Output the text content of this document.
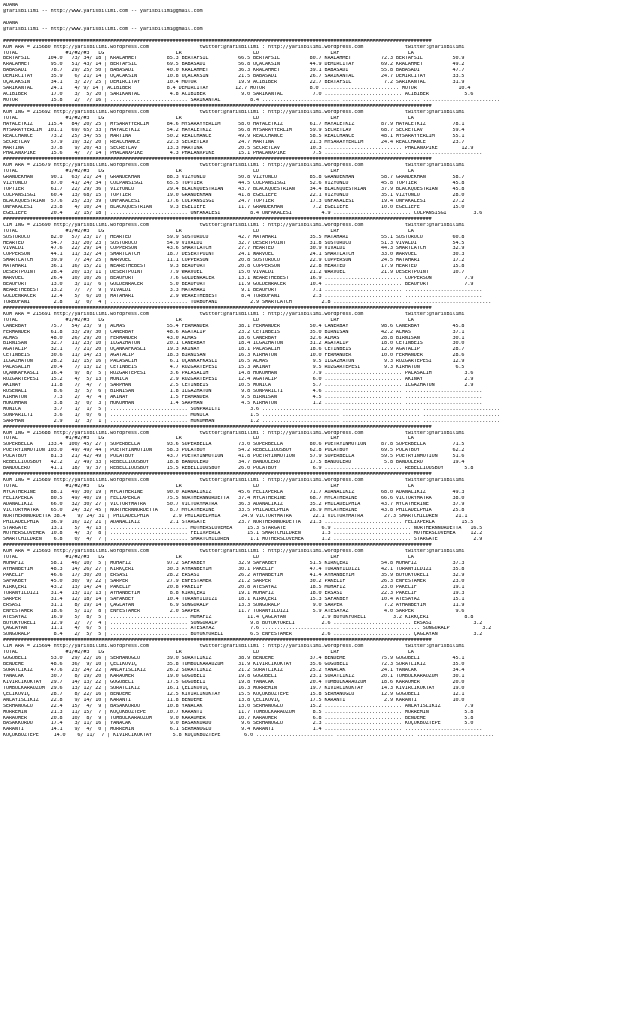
ADANA
@YarisBilimi -- http://www.yarisbilimi.com -- yarisbilimi@gmail.com

ADANA
@YarisBilimi -- http://www.yarisbilimi.com -- yarisbilimi@gmail.com

################################################################################################################################################
KUM ARA = 215680 http://yarisbilimi.wordpress.com                 twitter:@YarisBilimi : http://yarisbilimi.wordpress.com              twitter:@YarisBilimi
TOTAL                #1/#2/#3   LG                        LR                        LD                        LRF                       LA
BERTAFSIL      104.0   73/ 34/ 18 | KRALAHMET          85.3 BERTAFSIL          66.5 BERTAFSIL          80.7 KRALAHMET          72.3 BERTAFSIL          50.9
KRALAHMET       95.0   51/ 43/ 14 | BERTAFSIL          69.5 BABASADI           56.8 UÇACAKSIN          44.9 DEMIRCITAY         69.2 KRALAHMET          49.2
BABASADI        78.7   29/ 25/ 50 | BABASADI           40.0 KRALAHMET          36.3 KRALAHMET          39.1 BABASADI           55.8 BABASADI           47.7
DEMIRCITAY      35.9    6/ 21/ 14 | UÇACAKSIN          10.8 UÇACAKSIN          21.5 BABASADI           26.7 SARIKANTAL         24.7 DEMIRCITAY         33.5
UÇACAKSIN       34.1    3/ 27/ 25 | DEMIRCITAY         10.4 MOTOR              19.9 ACIBIBER           22.7 BERTAFSIL           7.2 SARIKANTAL         31.9
SARIKANTAL      24.1    4/ 9/ 14 | ACIBIBER            8.4 DEMIRCITAY         12.7 MOTOR               8.0 .......................... MOTOR              10.4
ACIBIBER        17.0    3/  5/ 20 | SARIKANTAL          4.8 ACIBIBER            9.0 SARIKANTAL          7.0 .......................... ACIBIBER            5.6
MOTOR           15.8    2/  7/ 16 | .......................... SARIKANTAL          8.4 .......................... .......................... ..........................
################################################################################################################################################
KUM ING = 215692 http://yarisbilimi.wordpress.com                 twitter:@YarisBilimi : http://yarisbilimi.wordpress.com              twitter:@YarisBilimi
TOTAL                #1/#2/#3   LG                        LR                        LD                        LRF                       LA
HAYALETKIZ     115.4   84/ 20/ 25 | MYSARAYYERLIM      84.6 MYSARAYYERLIM      58.0 HAYALETKIZ         61.7 HAYALETKIZ         87.9 HAYALETKIZ         78.1
MYSARAYYERLIM  101.1   69/ 65/ 33 | HAYALETKIZ         54.2 HAYALETKIZ         56.8 MYSARAYYERLIM      59.9 SECRETLAV          68.7 SECRETLAV          59.4
REALCHANCE      73.2   25/ 34/ 55 | MARTINA            50.2 REALCHANCE         49.9 REALCHANCE         58.5 REALCHANCE         48.1 MYSARAYYERLIM      55.1
SECRETLAV       57.9   19/ 32/ 20 | REALCHANCE         22.3 SECRETLAV          24.7 MARTINA            21.3 MYSARAYYERLIM      24.4 REALCHANCE         23.7
MARTINA         37.8    9/ 20/ 43 | SECRETLAV          13.3 MARTINA            20.5 SECRETLAV          10.3 .......................... PHALANXPIKE        12.9
PHALANXPIKE     15.6    4/  7/ 14 | PHALANXPIKE         4.3 PHALANXPIKE        15.1 PHALANXPIKE         7.5 .......................... ..........................
################################################################################################################################################
KUM ARA = 215679 http://yarisbilimi.wordpress.com                 twitter:@YarisBilimi : http://yarisbilimi.wordpress.com              twitter:@YarisBilimi
TOTAL                #1/#2/#3   LG                        LR                        LD                        LRF                       LA
GRANDEKHAN      90.1   63/ 21/ 24 | GRANDEKHAN         88.3 VIZYONLU           50.8 VIZYONLU           85.8 GRANDEKHAN         58.7 GRANDEKHAN         58.7
VIZYONLU        87.0   41/ 24/ 34 | COLPANSISGI        65.5 TOPTIER            44.5 COLPANSISGI        52.6 VIZYONLU           45.8 TOPTIER            45.8
TOPTIER         61.7   22/ 29/ 36 | VIZYONLU           29.4 BLACKQUESTRIAN     43.7 BLACKQUESTRIAN     34.4 BLACKQUESTRIAN     37.9 BLACKQUESTRIAN     45.8
COLPANSISGI     60.4   13/ 68/ 15 | TOPTIER            19.0 GRANDEKHAN         41.8 EGELIEFE           22.1 VIZYONLU           35.1 VIZYONLU           28.0
BLACKQUESTRIAN  57.6   25/ 23/ 39 | UNFAKALESI         17.6 COLPANSISGI        24.7 TOPTIER            17.3 UNFAKALESI         19.4 UNFAKALESI         27.2
UNFAKALESI      23.8    4/ 10/ 24 | BLACKQUESTRIAN      9.3 EGELIEFE           11.7 GRANDEKHAN          7.2 EGELIEFE           10.0 EGELIEFE           15.0
EGELIEFE        20.4    2/ 15/ 18 | .......................... UNFAKALESI          8.4 UNFAKALESI          4.9 .......................... COLPANSISGI         3.6
################################################################################################################################################
CIM ING = 215690 http://yarisbilimi.wordpress.com                 twitter:@YarisBilimi : http://yarisbilimi.wordpress.com              twitter:@YarisBilimi
TOTAL                #1/#2/#3   LG                        LR                        LD                        LRF                       LA
SUSTURUCU       82.0   57/ 23/ 17 | HEARTED            59.9 SUSTURUCU          42.7 MATAHARI           35.5 MATAHARI           55.1 SUSTURUCU          60.8
HEARTED         54.7   31/ 20/ 23 | SUSTURUCU          54.9 VIVALDI            32.7 DESERTPOINT        31.8 SUSTURUCU          51.3 VIVALDI            54.5
VIVALDI         47.6   22/ 29/ 14 | COPPERSON          43.6 SMARTLATCH         27.7 HEARTED            30.9 VIVALDI            44.3 SMARTLATCH         32.9
COPPERSON       44.1   11/ 32/ 24 | SMARTLATCH         18.7 DESERTPOINT        24.1 WARVOEL            24.1 SMARTLATCH         33.0 WARVOEL            30.3
SMARTLATCH      39.9    7/ 24/ 25 | WARVOEL            11.1 COPPERSON          20.8 SUSTURUCU          22.9 COPPERSON          24.5 MATAHARI           17.2
MATAHARI        36.1   16/ 15/ 21 | WEARETHEBEST        9.3 BEAUFORT           20.8 COPPERSON          22.8 HEARTED            17.9 HEARTED            15.8
DESERTPOINT     28.4   20/ 13/ 11 | DESERTPOINT         7.9 WARVOEL            15.0 VIVALDI            21.2 WARVOEL            21.9 DESERTPOINT        10.7
WARVOEL         26.4   10/ 10/ 26 | BEAUFORT            7.6 GOLDENRACER        13.1 WEARETHEBEST       16.9 .......................... COPPERSON           7.9
BEAUFORT        13.0    3/ 11/  6 | GOLDENRACER         5.0 BEAUFORT           11.9 GOLDENRACER        10.4 .......................... BEAUFORT            7.9
WEARETHEBEST    13.2    7/  7/  9 | VIVALDI             3.3 MATAHARI            9.1 BEAUFORT            7.1 .......................... ..........................
GOLDENRACER     12.4    5/  6/ 10 | MATAHARI            2.9 WEARETHEBEST        8.4 TURBOFANI           2.3 .......................... ..........................
TURBOFANI        2.8    1/  0/  4 | .......................... TURBOFANI           2.9 SMARTLATCH          2.8 .......................... ..........................
################################################################################################################################################
KUM ARA = 215691 http://yarisbilimi.wordpress.com                 twitter:@YarisBilimi : http://yarisbilimi.wordpress.com              twitter:@YarisBilimi
TOTAL                #1/#2/#3   LG                        LR                        LD                        LRF                       LA
CANERBAY        75.7   54/ 23/  9 | ALMAS              55.4 FERMANDER          38.1 FERMANDER          50.4 CANERBAY           98.6 CANERBAY           45.8
FERMANDER       61.8   33/ 29/ 30 | CANERBAY           48.6 AGATALIP           23.2 CETINBEIS          35.0 BIRNISAN           42.2 ALMAS              37.1
ALMAS           48.0   26/ 29/ 20 | FERMANDER          43.0 ALMAS              18.6 CANERBAY           32.6 ALMAS              28.8 BIRNISAN           30.1
BIRNISAN        32.7   11/ 23/ 10 | ILGAZHATUN         20.1 CANERBAY           18.4 ILGAZHATUN         31.2 AGATALIP           18.0 CETINBEIS          30.0
AGATALIP        32.1    7/ 21/ 20 | UÇANKAFKASLI       19.3 AKINAY             18.1 PALASALIH          18.6 CETINBEIS          12.9 AGATALIP           28.7
CETINBEIS       30.6   11/ 14/ 23 | AGATALIP           18.3 BIRNISAN           16.3 KIRHATUN           10.0 FERMANDER          10.0 FERMANDER          28.6
ILGAZHATUN      28.2   12/ 15/ 16 | PALASALIH           6.1 UÇANKAFKASLI       16.5 ALMAS               9.5 ILGAZHATUN          9.3 RUZGARTEPESI       12.9
PALASALIH       20.4    7/ 13/ 12 | CETINBEIS           4.7 RUZGARTEPESI       15.3 AKINAY              9.5 RUZGARTEPESI        9.3 KIRHATUN            6.5
UÇANKAFKASLI    16.4    9/  8/  5 | RUZGARTEPESI        3.6 PALASALIH          14.8 HÜKÜMHAN            7.9 .......................... PALASALIH           3.6
RUZGARTEPESI    15.2    4/  5/ 13 | MONICA              2.9 RUZGARTEPESI       12.4 AGATALIP            6.0 .......................... AKINAY              2.9
AKINAY          11.8    7/  4/  7 | SARPHAN             2.5 CETINBEIS          10.5 MONICA              5.7 .......................... ILGAZHATUN          2.9
RUSENALI         8.6    3/  5/  6 | BIRNISAN            1.8 ILGAZHATUN          9.8 SONPARILTI          4.6 .......................... ..........................
KIRHATUN         7.3    2/  4/  4 | AKINAY              1.5 FERMANDER           9.5 BIRNISAN            4.5 .......................... ..........................
HÜKÜMHAN         3.8    3/  0/  3 | HÜKÜMHAN            1.4 SARPHAN             4.5 KIRHATUN            1.2 .......................... ..........................
MONICA           3.7    1/  1/  5 | .......................... SONPARILTI          3.6 .......................... .......................... ..........................
SONPARILTI       3.6    1/  0/  6 | .......................... MONICA              1.5 .......................... .......................... ..........................
SARPHAN          2.9    1/  3/  1 | .......................... HÜKÜMHAN            1.2 .......................... .......................... ..........................
################################################################################################################################################
KUM ING = 215688 http://yarisbilimi.wordpress.com                 twitter:@YarisBilimi : http://yarisbilimi.wordpress.com              twitter:@YarisBilimi
TOTAL                #1/#2/#3   LG                        LR                        LD                        LRF                       LA
SUPERBELLA     133.4  100/ 45/ 27 | SUPERBELLA         93.6 SUPERBELLA         73.0 SUPERBELLA         80.6 POETRYINMOTION     87.8 SUPERBELLA         71.5
POETRYINMOTION 103.0   49/ 49/ 44 | POETRYINMOTION     58.3 POLATBOY           54.2 REBELLIOUSBOY      62.8 POLATBOY           69.5 POLATBOY           62.2
POLATBOY        81.3   21/ 42/ 49 | POLATBOY           43.7 POETRYINMOTION     41.8 POETRYINMOTION     57.9 SUPERBELLA         59.5 POETRYINMOTION     51.6
REBELLIOUSBOY   42.2    2/ 49/ 33 | REBELLIOUSBOY      18.8 BANDOLERO          34.7 BANDOLERO          17.5 BANDOLERO           5.8 BANDOLERO          19.4
BANDOLERO       41.1   18/  9/ 37 | REBELLIOUSBOY      15.5 REBELLIOUSBOY      26.0 POLATBOY            6.9 .......................... REBELLIOUSBOY       5.8
################################################################################################################################################
KUM ING = 215689 http://yarisbilimi.wordpress.com                 twitter:@YarisBilimi : http://yarisbilimi.wordpress.com              twitter:@YarisBilimi
TOTAL                #1/#2/#3   LG                        LR                        LD                        LRF                       LA
MYCATHERINE     88.1   49/ 30/ 19 | MYCATHERINE        90.0 ADANALIKIZ         45.6 FELIXPERLA         71.7 ADANALIKIZ         68.0 ADANALIKIZ         49.3
FELIXPERLA      80.5   49/ 40/ 19 | FELIXPERLA         75.5 NORTHERNNURDETTA   37.4 MYCATHERINE        68.7 MYCATHERINE        66.6 VICTORYMATRA       38.0
ADANALIKIZ      66.0   32/ 30/ 27 | VICTORYMATRA       50.7 VICTORYMATRA       36.3 ADANALIKIZ         35.2 PHILADELPHIA       43.7 MYCATHERINE        37.9
VICTORYMATRA    65.0   24/ 32/ 45 | NORTHERNNURDETTA    8.7 MYCATHERINE        33.5 PHILADELPHIA       26.9 MYCATHERINE        43.8 PHILADELPHIA       25.8
NORTHERNNURDETTA 38.4    9/ 24/ 31 | PHILADELPHIA        2.9 PHILADELPHIA       24.9 VICTORYMATRA       22.1 VICTORYMATRA       27.3 SMARTCHILDREN      21.1
PHILADELPHIA    36.9   16/ 12/ 21 | ADANALIKIZ          2.1 STARGATE           23.7 NORTHERNNURDETTA   21.3 .......................... FELIXPERLA         15.5
STARGATE        13.1    5/  4/ 13 | .......................... MOTHERSLOVEMEA     15.3 STARGATE            6.9 .......................... NORTHERNNURDETTA   16.5
MOTHERSLOVEMEA  10.8    4/  3/  8 | .......................... FELIXPERLA         15.1 SMARTCHILDREN       1.3 .......................... MOTHERSLOVEMEA     12.2
SMARTCHILDREN    6.8    0/  4/  7 | .......................... SMARTCHILDREN       1.1 MOTHERSLOVEMEA      1.2 .......................... STARGATE            2.9
################################################################################################################################################
KUM ARA = 215693 http://yarisbilimi.wordpress.com                 twitter:@YarisBilimi : http://yarisbilimi.wordpress.com              twitter:@YarisBilimi
TOTAL                #1/#2/#3   LG                        LR                        LD                        LRF                       LA
MUHAFIZ         58.1   46/ 10/  5 | MUHAFIZ            97.2 SAFAKBEY           32.9 SAFAKBEY           51.5 KIRKÇERI           54.8 MUHAFIZ            37.3
AYHANBEYIM      48.3   14/ 26/ 27 | KIRKÇERI           30.3 AYHANBEYIM         30.1 PAKELIF            47.4 TURANYILDIZI       42.1 TURANYILDIZI       35.8
PAKELIF         46.6   17/ 30/ 20 | ERSASI             28.2 ERSASI             26.2 AYHANBEYIM         41.4 AYHANBEYIM         35.9 BÜYÜKYÖRELI        32.9
SAFAKBEY        45.0   30/  9/ 22 | SARPER             27.9 ENFESTAMER         21.2 SARPER             30.2 PAKELIF            26.3 ENFESTAMER         23.0
KIRKÇERI        43.2   13/ 14/ 24 | PAKELIF            20.8 PAKELIF            20.8 ATESAYAZ           18.5 MUHAFIZ            23.0 PAKELIF            19.1
TURANYILDIZI    31.4   13/ 11/ 13 | AYHANBEYIM          8.8 KIRKÇERI           19.1 MUHAFIZ            18.0 ERSASI             22.3 PAKELIF            19.3
SARPER          31.4   12/ 18/ 14 | SAFAKBEY           10.4 TURANYILDIZI       18.1 KIRKÇERI           15.3 SAFAKBEY           10.4 ATESAYAZ           15.1
ERSASI          31.1    8/ 19/ 14 | ÇAGLAYAN            6.9 SUNGURALP          13.3 SUNGURALP           9.0 SARPER              7.2 AYHANBEYIM         11.9
ENFESTAMER      18.6    5/ 11/  8 | ENFESTAMER          2.0 SARPER             11.7 TURANYILDIZI        5.9 ATESAYAZ            4.0 SARPER              9.6
ATESAYAZ        16.9    5/  8/  5 | .......................... MUHAFIZ            11.4 ÇAGLAYAN            2.9 BÜYÜKYÖRELI         3.2 KIRKÇERI            8.8
BÜYÜKYÖRELI     12.9    2/  7/  4 | .......................... SUNGURALP           9.8 BÜYÜKYÖRELI         2.6 .......................... ERSASI              3.2
ÇAGLAYAN        11.1    4/  6/  5 | .......................... ATESAYAZ            7.6 .......................... .......................... SUNGURALP           3.2
SUNGURALP        8.4    2/  5/  5 | .......................... BÜYÜKYÖRELI         6.5 ENFESTAMER          2.6 .......................... ÇAGLAYAN            3.2
################################################################################################################################################
CIM ARA = 215694 http://yarisbilimi.wordpress.com                 twitter:@YarisBilimi : http://yarisbilimi.wordpress.com              twitter:@YarisBilimi
TOTAL                #1/#2/#3   LG                        LR                        LD                        LRF                       LA
GÖGÜBELI        53.0   29/ 22/ 16 | SERHANOGLU         39.0 SÜRATLIKIZ         38.9 BENDEME            37.4 BENDEME            75.9 GÖGÜBELI           45.1
BENDEME         48.6   36/  9/ 10 | ÇELIKOVIÇ          35.8 TUMBULKARAÜZÜM     31.9 KIVIRCIKOKTAY      35.6 GÖGÜBELI           72.3 SÜRATLIKIZ         35.0
SÜRATLIKIZ      47.6   23/ 24/ 22 | ANLAYISLIKIZ       26.2 SÜRATLIKIZ         21.2 SÜRATLIKIZ         25.2 YANACAK            24.1 YANACAK            34.4
YANACAK         30.7    8/ 19/ 20 | KARAÖMER           19.0 GÖGÜBELI           19.8 GÖGÜBELI           23.1 SÜRATLIKIZ         20.1 TUMBULKARAÜZÜM     30.1
KIVIRCIKOKTAY   29.7   14/ 13/ 22 | GÖGÜBELI           17.5 GÖGÜBELI           19.8 YANACAK            20.4 TUMBULKARAÜZÜM     18.6 KARAÖMER           20.0
TUMBULKARAÜZÜM  29.6   13/ 12/ 22 | SÜRATLIKIZ         16.1 ÇELIKOVIÇ          16.3 MÜRREMIN           19.7 KIVIRCIKOKTAY      14.3 KIVIRCIKOKTAY      19.0
ÇELIKOVIÇ       28.7    8/ 22/ 16 | BENDEME            12.5 KIVIRCIKOKTAY      15.5 KÜÇÜKBOZTEPE       15.8 SERHANOGLU         12.9 GÖGÜBELI           12.1
ANLAYISLIKIZ    22.8    9/ 14/ 10 | KARANTI            11.8 BENDEME            13.8 ÇELIKOVIÇ          17.5 KARANTI             2.9 KARANTI            10.0
SERHANOGLU      22.4   15/  4/  9 | BASAKKURDU         10.8 YANACAK            13.0 SERHANOGLU         15.2 .......................... ANLAYISLIKIZ        7.9
MÜRREMIN        21.3   11/ 15/  7 | KÜÇÜKBOZTEPE       10.7 KARANTI            11.7 TUMBULKARAÜZÜM      8.5 .......................... MÜRREMIN            5.8
KARAÖMER        20.8   10/  8/  9 | TUMBULKARAÜZÜM      9.0 KARAÖMER           10.7 KARAÖMER            6.8 .......................... BENDEME             5.8
BASAKKURDU      17.4    3/ 11/ 16 | YANACAK             9.0 BASAKKURDU          9.6 SERHANOGLU          2.3 .......................... KÜÇÜKBOZTEPE        5.0
KARANTI         14.1    9/  4/  0 | MÜRREMIN            6.1 SERHANOGLU          9.4 KARANTI             1.4 .......................... ..........................
KÜÇÜKBOZTEPE     14.0    6/ 11/  7 | KIVIRCIKOKTAY       5.8 KÜÇÜKBOZTEPE        6.0 .......................... .......................... ..........................
